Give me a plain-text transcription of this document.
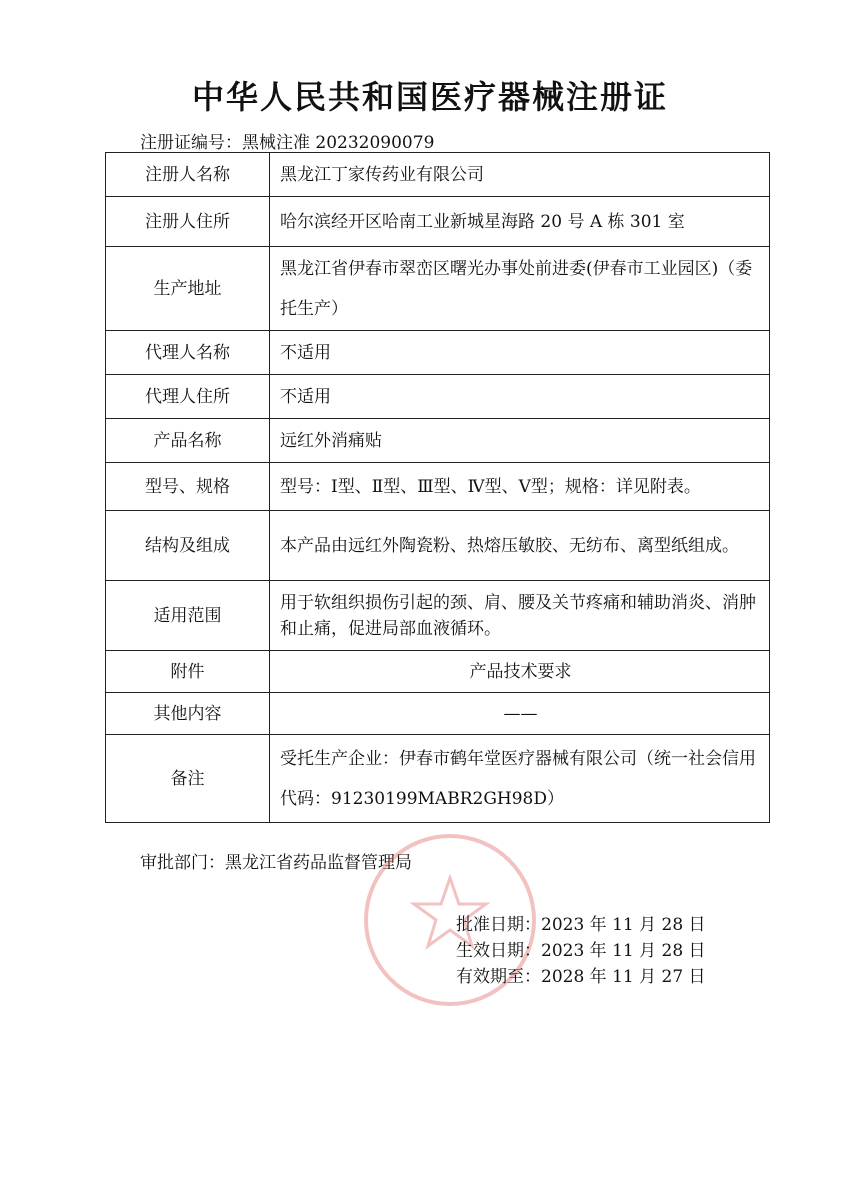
中华人民共和国医疗器械注册证
注册证编号：黑械注准 20232090079
注册人名称	黑龙江丁家传药业有限公司
注册人住所	哈尔滨经开区哈南工业新城星海路 20 号 A 栋 301 室
生产地址	黑龙江省伊春市翠峦区曙光办事处前进委(伊春市工业园区)（委托生产）
代理人名称	不适用
代理人住所	不适用
产品名称	远红外消痛贴
型号、规格	型号：Ⅰ型、Ⅱ型、Ⅲ型、Ⅳ型、Ⅴ型；规格：详见附表。
结构及组成	本产品由远红外陶瓷粉、热熔压敏胶、无纺布、离型纸组成。
适用范围	用于软组织损伤引起的颈、肩、腰及关节疼痛和辅助消炎、消肿和止痛，促进局部血液循环。
附件	产品技术要求
其他内容	——
备注	受托生产企业：伊春市鹤年堂医疗器械有限公司（统一社会信用代码：91230199MABR2GH98D）
审批部门：黑龙江省药品监督管理局
批准日期：2023 年 11 月 28 日
生效日期：2023 年 11 月 28 日
有效期至：2028 年 11 月 27 日
